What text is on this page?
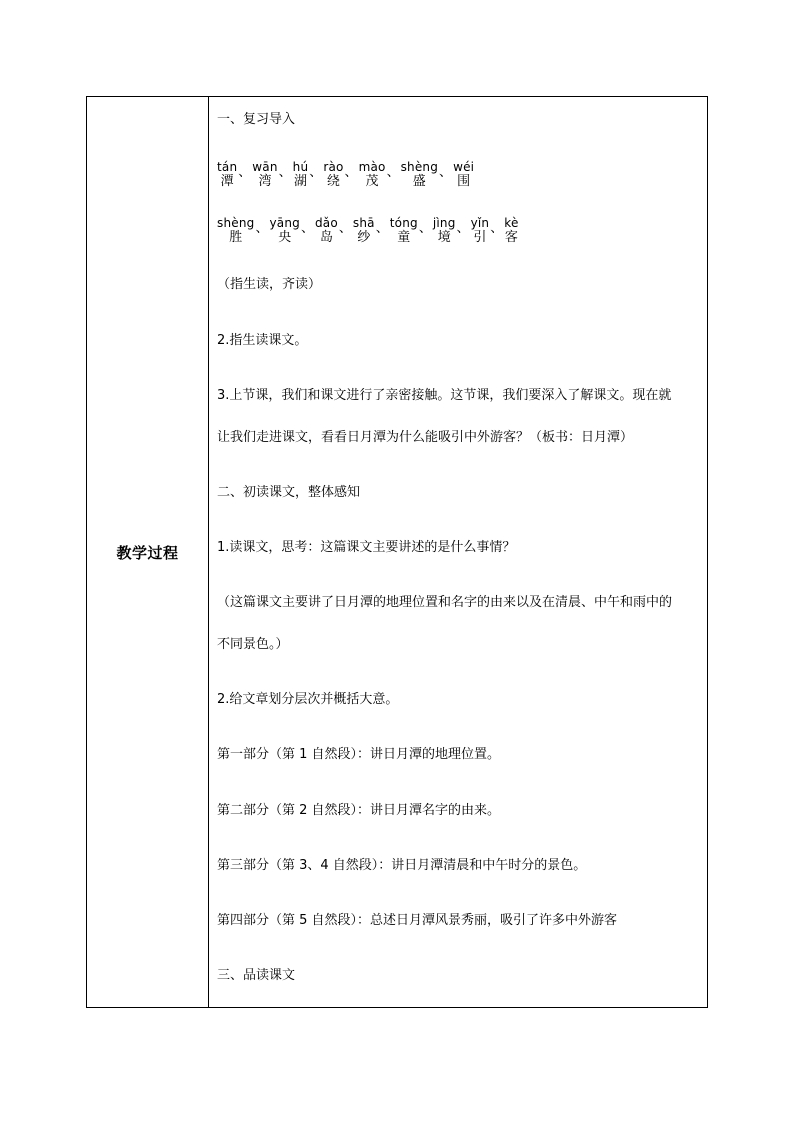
教学过程
一、复习导入
潭tán 、
湾wān 、
湖hú 、
绕rào 、
茂mào 、
盛shèng 、
围wéi
胜shèng 、
央yāng 、
岛dǎo 、
纱shā 、
童tóng 、
境jìng 、
引yǐn 、
客kè
（指生读，齐读）
2.指生读课文。
3.上节课，我们和课文进行了亲密接触。这节课，我们要深入了解课文。现在就
让我们走进课文，看看日月潭为什么能吸引中外游客？（板书：日月潭）
二、初读课文，整体感知
1.读课文，思考：这篇课文主要讲述的是什么事情？
（这篇课文主要讲了日月潭的地理位置和名字的由来以及在清晨、中午和雨中的
不同景色。）
2.给文章划分层次并概括大意。
第一部分（第 1 自然段）：讲日月潭的地理位置。
第二部分（第 2 自然段）：讲日月潭名字的由来。
第三部分（第 3、4 自然段）：讲日月潭清晨和中午时分的景色。
第四部分（第 5 自然段）：总述日月潭风景秀丽，吸引了许多中外游客
三、品读课文
